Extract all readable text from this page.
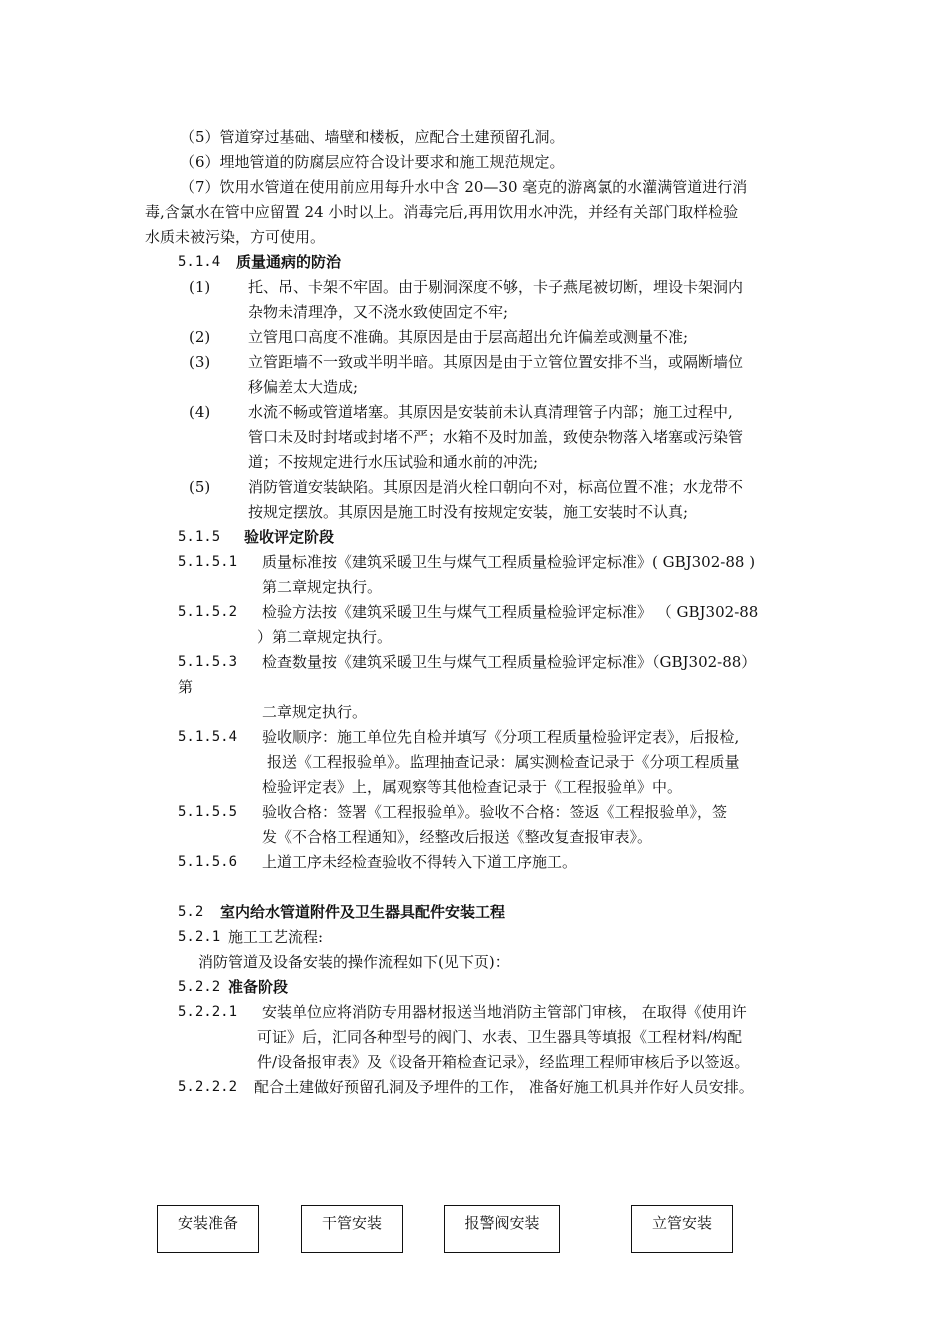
（5）管道穿过基础、墙壁和楼板，应配合土建预留孔洞。
（6）埋地管道的防腐层应符合设计要求和施工规范规定。
（7）饮用水管道在使用前应用每升水中含 20—30 毫克的游离氯的水灌满管道进行消
毒,含氯水在管中应留置 24 小时以上。消毒完后,再用饮用水冲洗，并经有关部门取样检验
水质未被污染，方可使用。
5.1.4 质量通病的防治
(1)	托、吊、卡架不牢固。由于剔洞深度不够，卡子燕尾被切断，埋设卡架洞内
杂物未清理净，又不浇水致使固定不牢;
(2)	立管甩口高度不准确。其原因是由于层高超出允许偏差或测量不准;
(3)	立管距墙不一致或半明半暗。其原因是由于立管位置安排不当，或隔断墙位
移偏差太大造成;
(4)	水流不畅或管道堵塞。其原因是安装前未认真清理管子内部；施工过程中,
管口未及时封堵或封堵不严；水箱不及时加盖，致使杂物落入堵塞或污染管
道；不按规定进行水压试验和通水前的冲洗;
(5)	消防管道安装缺陷。其原因是消火栓口朝向不对，标高位置不准；水龙带不
按规定摆放。其原因是施工时没有按规定安装，施工安装时不认真;
5.1.5 验收评定阶段
5.1.5.1 质量标准按《建筑采暖卫生与煤气工程质量检验评定标准》( GBJ302-88 )
第二章规定执行。
5.1.5.2 检验方法按《建筑采暖卫生与煤气工程质量检验评定标准》 （ GBJ302-88
）第二章规定执行。
5.1.5.3 检查数量按《建筑采暖卫生与煤气工程质量检验评定标准》（GBJ302-88）
第
二章规定执行。
5.1.5.4 验收顺序：施工单位先自检并填写《分项工程质量检验评定表》，后报检,
报送《工程报验单》。监理抽查记录：属实测检查记录于《分项工程质量
检验评定表》上，属观察等其他检查记录于《工程报验单》中。
5.1.5.5 验收合格：签署《工程报验单》。验收不合格：签返《工程报验单》，签
发《不合格工程通知》，经整改后报送《整改复查报审表》。
5.1.5.6 上道工序未经检查验收不得转入下道工序施工。
5.2 室内给水管道附件及卫生器具配件安装工程
5.2.1 施工工艺流程:
消防管道及设备安装的操作流程如下(见下页)：
5.2.2 准备阶段
5.2.2.1 安装单位应将消防专用器材报送当地消防主管部门审核， 在取得《使用许
可证》后，汇同各种型号的阀门、水表、卫生器具等填报《工程材料/构配
件/设备报审表》及《设备开箱检查记录》，经监理工程师审核后予以签返。
5.2.2.2 配合土建做好预留孔洞及予埋件的工作， 准备好施工机具并作好人员安排。
安装准备	干管安装	报警阀安装	立管安装
